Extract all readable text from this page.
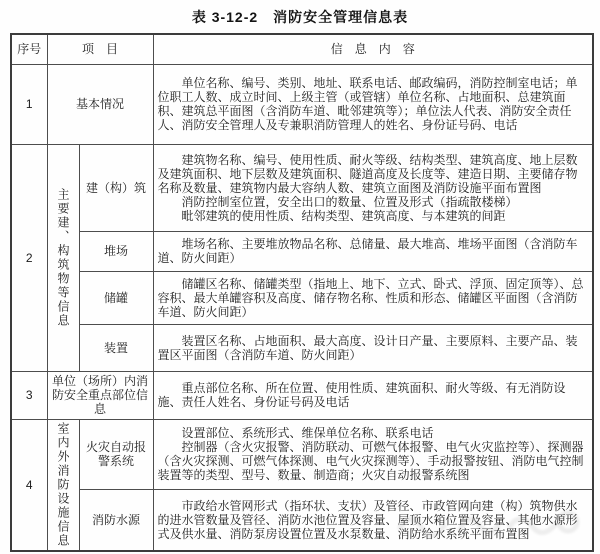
表 3-12-2　消防安全管理信息表
序号	项　目		信　息　内　容
1	基本情况		单位名称、编号、类别、地址、联系电话、邮政编码，消防控制室电话；单位职工人数、成立时间、上级主管（或管辖）单位名称、占地面积、总建筑面积、建筑总平面图（含消防车道、毗邻建筑等）；单位法人代表、消防安全责任人、消防安全管理人及专兼职消防管理人的姓名、身份证号码、电话

2	主要建、构筑物等信息	建（构）筑	建筑物名称、编号、使用性质、耐火等级、结构类型、建筑高度、地上层数及建筑面积、地下层数及建筑面积、隧道高度及长度等、建造日期、主要储存物名称及数量、建筑物内最大容纳人数、建筑立面图及消防设施平面布置图

消防控制室位置，安全出口的数量、位置及形式（指疏散楼梯）

毗邻建筑的使用性质、结构类型、建筑高度、与本建筑的间距

		堆场	堆场名称、主要堆放物品名称、总储量、最大堆高、堆场平面图（含消防车道、防火间距）

		储罐	储罐区名称、储罐类型（指地上、地下、立式、卧式、浮顶、固定顶等）、总容积、最大单罐容积及高度、储存物名称、性质和形态、储罐区平面图（含消防车道、防火间距）

		装置	装置区名称、占地面积、最大高度、设计日产量、主要原料、主要产品、装置区平面图（含消防车道、防火间距）

3	单位（场所）内消防安全重点部位信息		重点部位名称、所在位置、使用性质、建筑面积、耐火等级、有无消防设施、责任人姓名、身份证号码及电话

4	室内外消防设施信息	火灾自动报警系统	设置部位、系统形式、维保单位名称、联系电话

控制器（含火灾报警、消防联动、可燃气体报警、电气火灾监控等）、探测器（含火灾探测、可燃气体探测、电气火灾探测等）、手动报警按钮、消防电气控制装置等的类型、型号、数量、制造商；火灾自动报警系统图

		消防水源	市政给水管网形式（指环状、支状）及管径、市政管网向建（构）筑物供水的进水管数量及管径、消防水池位置及容量、屋顶水箱位置及容量、其他水源形式及供水量、消防泵房设置位置及水泵数量、消防给水系统平面布置图
